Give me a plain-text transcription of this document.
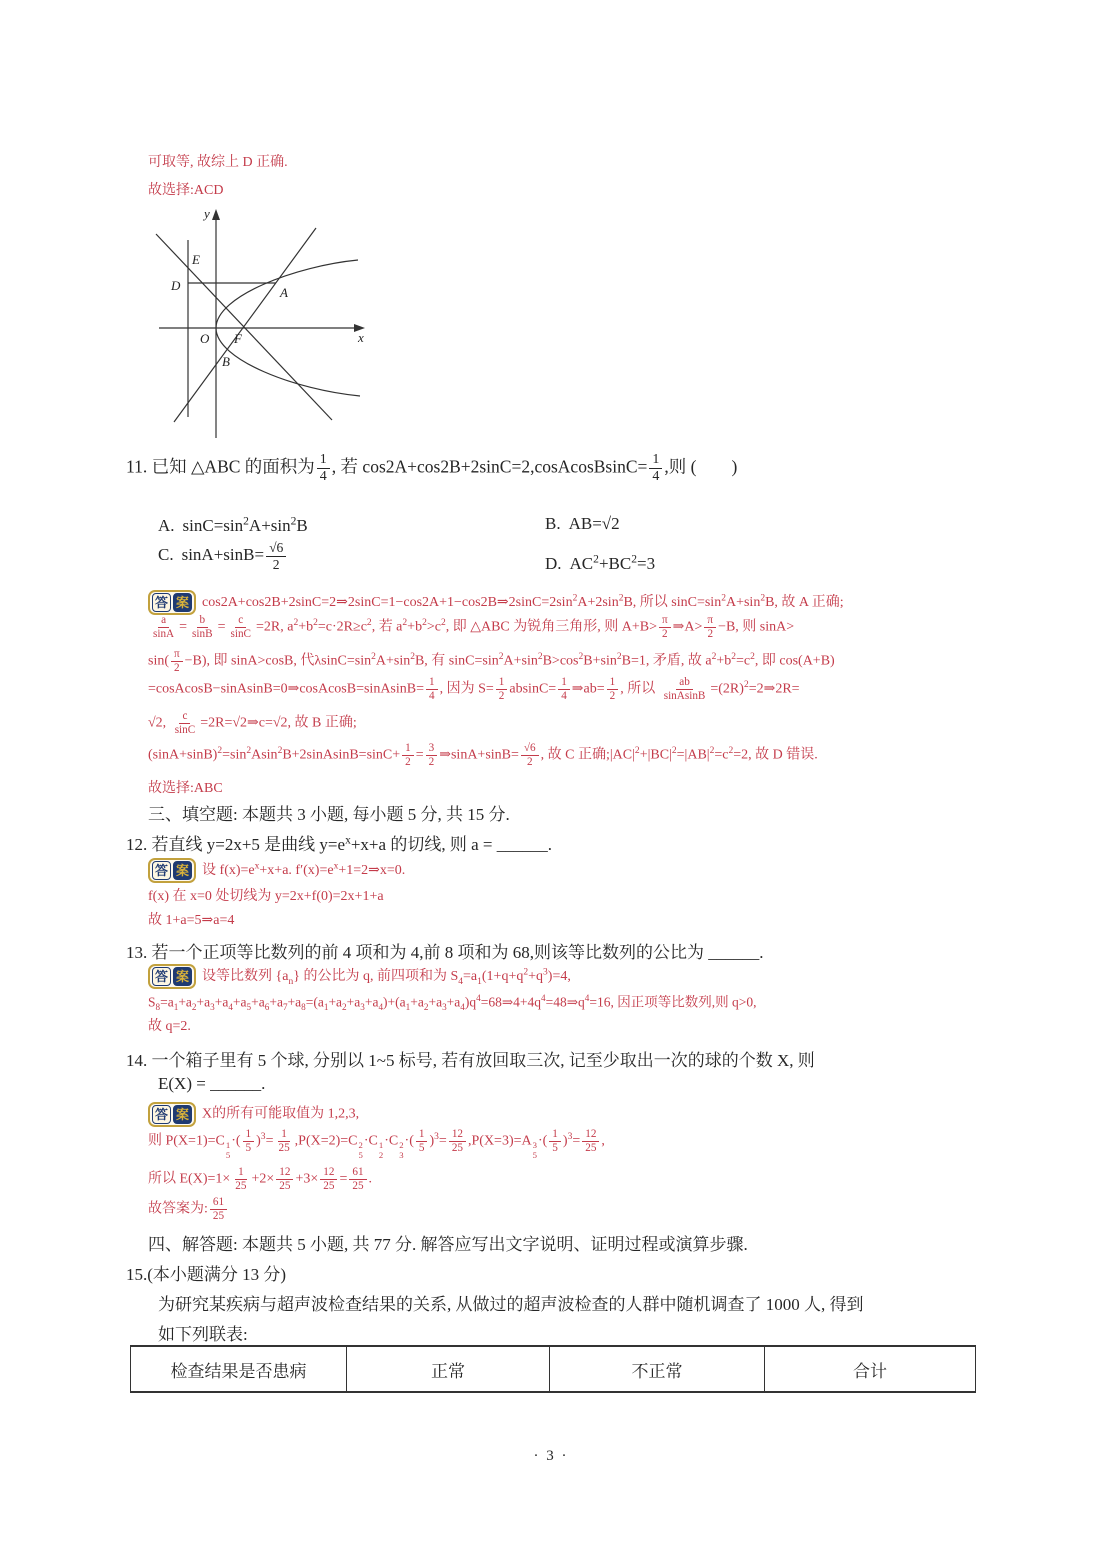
可取等, 故综上 D 正确.
故选择:ACD
y
x
O F
A
B
D
E
11. 已知 △ABC 的面积为 $\frac{1}{4}$ , 若 cos2A+cos2B+2sinC=2,cosAcosBsinC= $\frac{1}{4}$ ,则 (　　)
A. $\sin C=\sin^2A+\sin^2B$	B. AB=√2
C. $\sin A+\sin B= \frac{√6}{2}$	D. $AC^2+BC^2=3$
答 案 $\cos 2A+\cos 2B+2\sin C=2\Rightarrow 2\sin C=1-\cos 2A+1-\cos 2B\Rightarrow 2\sin C=2\sin^2A+2\sin^2B$, 所以 $\sin C=\sin^2A+\sin^2B$, 故 A 正确;
$\frac{a}{\sin A} = \frac{b}{\sin B} = \frac{c}{\sin C} =2R$, $a^2+b^2=c\cdot 2R\ge c^2$, 若 $a^2+b^2>c^2$, 即 △ABC 为锐角三角形, 则 $A+B> \frac{\pi}{2}$ ⇒A> $\frac{\pi}{2} -B$, 则 sinA>
$\sin( \frac{\pi}{2} -B)$, 即 sinA>cosB, 代$\lambda\sin C=\sin^2A+\sin^2B$, 有 $\sin C=\sin^2A+\sin^2B>\cos^2B+\sin^2B=1$, 矛盾, 故 $a^2+b^2=c^2$, 即 cos(A+B)
=cosAcosB−sinAsinB=0⇒cosAcosB=sinAsinB= $\frac{1}{4}$ , 因为 $S= \frac{1}{2} absinC= \frac{1}{4}$ ⇒ab= $\frac{1}{2}$ , 所以 $\frac{ab}{\text{sinAsinB}}$ $=(2R)^2=2\Rightarrow 2R=$
√2, $\frac{c}{\sin C}$ =2R=√2⇒c=√2, 故 B 正确;
$(\sin A+\sin B)^2=\sin^2Asin^2B+2sinAsinB=\sin C+ \frac{1}{2} = \frac{3}{2}$ ⇒sinA+sinB= $\frac{√6}{2}$ , 故 C 正确$;|AC|^2+|BC|^2=|AB|^2=c^2=2$, 故 D 错误.
故选择:ABC
三、填空题: 本题共 3 小题, 每小题 5 分, 共 15 分.
12. 若直线 y=2x+5 是曲线 $y=e^x+x+a$ 的切线, 则 a = ______.
答 案 设 $f(x)=e^x+x+a$. $f'(x)=e^x+1=2\Rightarrow x=0$.
f(x) 在 x=0 处切线为 y=2x+f(0)=2x+1+a
故 1+a=5⇒a=4
13. 若一个正项等比数列的前 4 项和为 4,前 8 项和为 68,则该等比数列的公比为 ______.
答 案 设等比数列 $\{a_n\}$ 的公比为 q, 前四项和为 $S_4=a_1(1+q+q^2+q^3)=4$,
$S_8=a_1+a_2+a_3+a_4+a_5+a_6+a_7+a_8=(a_1+a_2+a_3+a_4)+(a_1+a_2+a_3+a_4)q^4=68\Rightarrow 4+4q^4=48\Rightarrow q^4=16$, 因正项等比数列,则 q>0,
故 q=2.
14. 一个箱子里有 5 个球, 分别以 1~5 标号, 若有放回取三次, 记至少取出一次的球的个数 X, 则
E(X) = ______.
答 案 X的所有可能取值为 1,2,3,
则 P(X=1)=C 1
5
·( $\frac{1}{5} )^3= \frac{1}{25} ,P(X=2)=C$ 2
5
·C 1
2
·C 2
3
·( $\frac{1}{5} )^3= \frac{12}{25} ,P(X=3)=A$ 3
5
·( $\frac{1}{5} )^3= \frac{12}{25}$ ,
所以 $E(X)=1\times \frac{1}{25} +2\times \frac{12}{25} +3\times \frac{12}{25} = \frac{61}{25}$ .
故答案为: $\frac{61}{25}$
四、解答题: 本题共 5 小题, 共 77 分. 解答应写出文字说明、证明过程或演算步骤.
15.(本小题满分 13 分)
为研究某疾病与超声波检查结果的关系, 从做过的超声波检查的人群中随机调查了 1000 人, 得到
如下列联表:
检查结果是否患病	正常	不正常	合计
· 3 ·
